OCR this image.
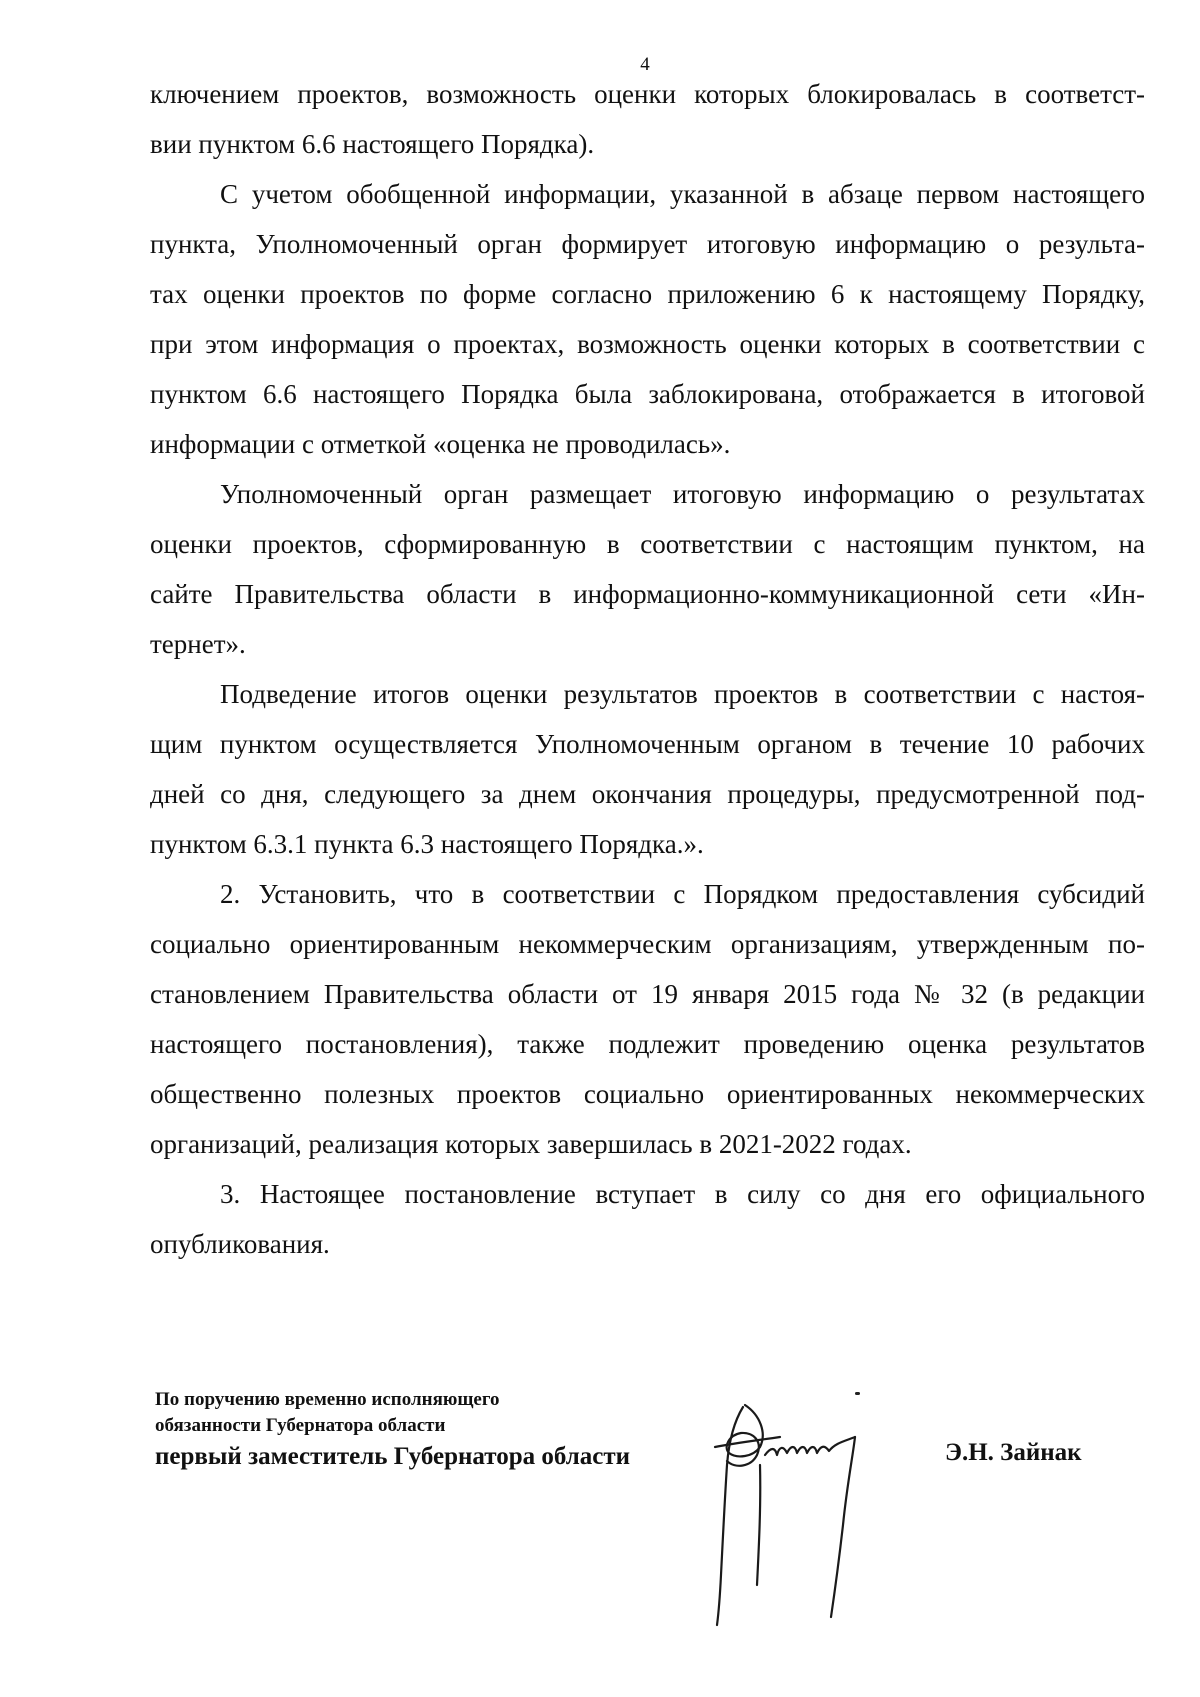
4
ключением проектов, возможность оценки которых блокировалась в соответст-
вии пунктом 6.6 настоящего Порядка).
С учетом обобщенной информации, указанной в абзаце первом настоящего
пункта, Уполномоченный орган формирует итоговую информацию о результа-
тах оценки проектов по форме согласно приложению 6 к настоящему Порядку,
при этом информация о проектах, возможность оценки которых в соответствии с
пунктом 6.6 настоящего Порядка была заблокирована, отображается в итоговой
информации с отметкой «оценка не проводилась».
Уполномоченный орган размещает итоговую информацию о результатах
оценки проектов, сформированную в соответствии с настоящим пунктом, на
сайте Правительства области в информационно-коммуникационной сети «Ин-
тернет».
Подведение итогов оценки результатов проектов в соответствии с настоя-
щим пунктом осуществляется Уполномоченным органом в течение 10 рабочих
дней со дня, следующего за днем окончания процедуры, предусмотренной под-
пунктом 6.3.1 пункта 6.3 настоящего Порядка.».
2. Установить, что в соответствии с Порядком предоставления субсидий
социально ориентированным некоммерческим организациям, утвержденным по-
становлением Правительства области от 19 января 2015 года № 32 (в редакции
настоящего постановления), также подлежит проведению оценка результатов
общественно полезных проектов социально ориентированных некоммерческих
организаций, реализация которых завершилась в 2021-2022 годах.
3. Настоящее постановление вступает в силу со дня его официального
опубликования.
По поручению временно исполняющего
обязанности Губернатора области
первый заместитель Губернатора области	Э.Н. Зайнак
